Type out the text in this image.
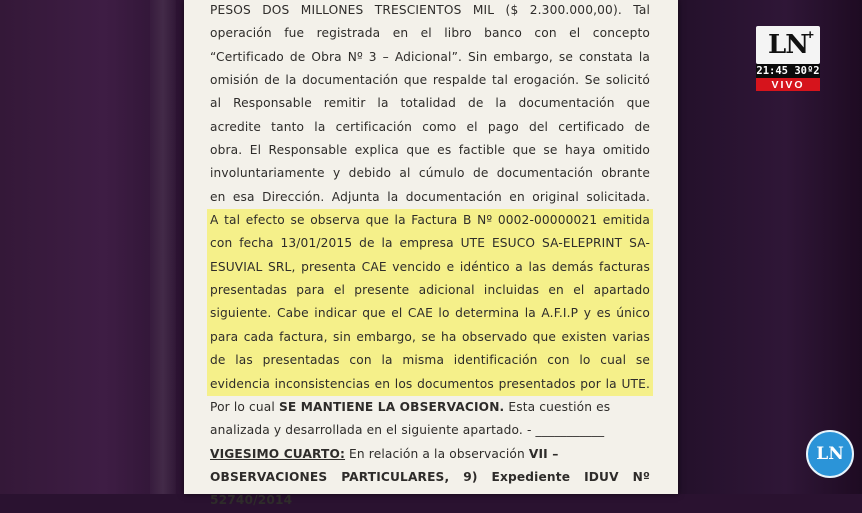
PESOS DOS MILLONES TRESCIENTOS MIL ($ 2.300.000,00). Tal

operación fue registrada en el libro banco con el concepto

“Certificado de Obra Nº 3 – Adicional”. Sin embargo, se constata la

omisión de la documentación que respalde tal erogación. Se solicitó

al Responsable remitir la totalidad de la documentación que

acredite tanto la certificación como el pago del certificado de

obra. El Responsable explica que es factible que se haya omitido

involuntariamente y debido al cúmulo de documentación obrante

en esa Dirección. Adjunta la documentación en original solicitada.

A tal efecto se observa que la Factura B Nº 0002-00000021 emitida

con fecha 13/01/2015 de la empresa UTE ESUCO SA-ELEPRINT SA-

ESUVIAL SRL, presenta CAE vencido e idéntico a las demás facturas

presentadas para el presente adicional incluidas en el apartado

siguiente. Cabe indicar que el CAE lo determina la A.F.I.P y es único

para cada factura, sin embargo, se ha observado que existen varias

de las presentadas con la misma identificación con lo cual se

evidencia inconsistencias en los documentos presentados por la UTE.

Por lo cual SE MANTIENE LA OBSERVACION. Esta cuestión es

analizada y desarrollada en el siguiente apartado. - ___________

VIGESIMO CUARTO: En relación a la observación VII –

OBSERVACIONES PARTICULARES, 9) Expediente IDUV Nº 52740/2014

LN
+
21:45 30º2
VIVO
LN
